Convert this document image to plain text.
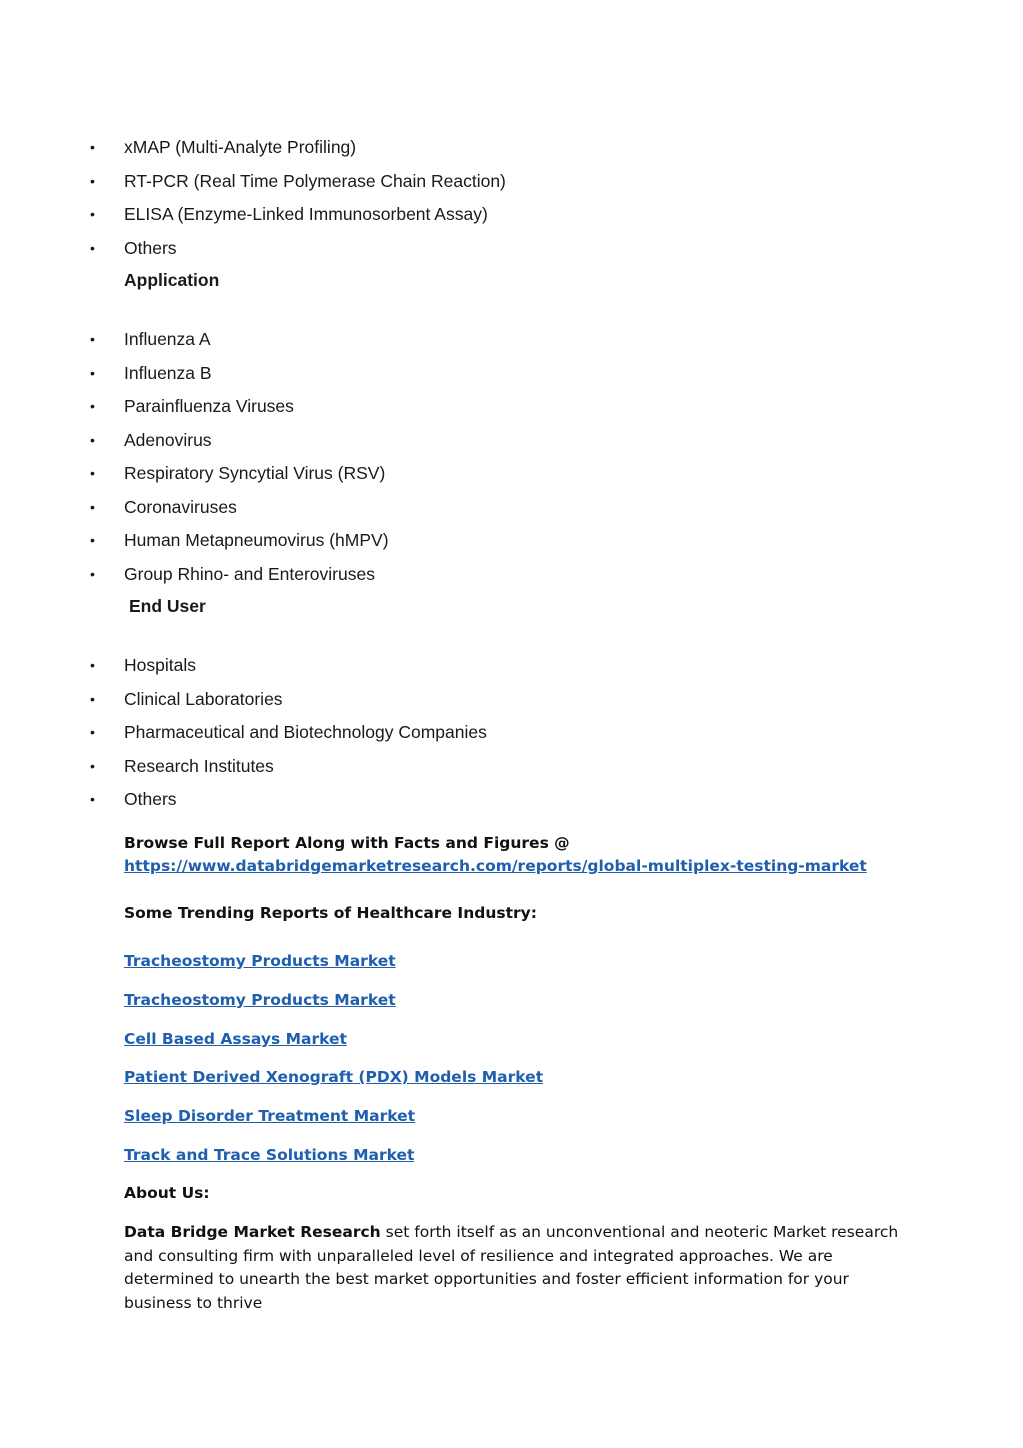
•	xMAP (Multi-Analyte Profiling)
•	RT-PCR (Real Time Polymerase Chain Reaction)
•	ELISA (Enzyme-Linked Immunosorbent Assay)
•	Others
Application
•	Influenza A
•	Influenza B
•	Parainfluenza Viruses
•	Adenovirus
•	Respiratory Syncytial Virus (RSV)
•	Coronaviruses
•	Human Metapneumovirus (hMPV)
•	Group Rhino- and Enteroviruses
End User
•	Hospitals
•	Clinical Laboratories
•	Pharmaceutical and Biotechnology Companies
•	Research Institutes
•	Others
Browse Full Report Along with Facts and Figures @
https://www.databridgemarketresearch.com/reports/global-multiplex-testing-market
Some Trending Reports of Healthcare Industry:
Tracheostomy Products Market
Tracheostomy Products Market
Cell Based Assays Market
Patient Derived Xenograft (PDX) Models Market
Sleep Disorder Treatment Market
Track and Trace Solutions Market
About Us:
Data Bridge Market Research set forth itself as an unconventional and neoteric Market research and consulting firm with unparalleled level of resilience and integrated approaches. We are determined to unearth the best market opportunities and foster efficient information for your business to thrive
